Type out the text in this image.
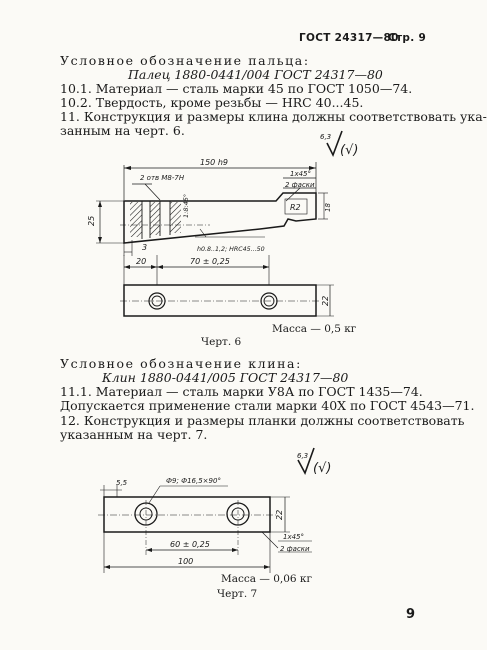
ГОСТ 24317—80
Стр. 9
Условное обозначение пальца:
Палец 1880-0441/004 ГОСТ 24317—80
10.1. Материал — сталь марки 45 по ГОСТ 1050—74.
10.2. Твердость, кроме резьбы — HRC 40...45.
11. Конструкция и размеры клина должны соответствовать ука-
занным на черт. 6.	6,3
(√)
150 h9
2 отв М8-7Н	1х45°
2 фаски
R2	18
25
1:8:45°
3	h0.8..1,2; HRC45...50
20	70 ± 0,25
22
Масса — 0,5 кг
Черт. 6
Условное обозначение клина:
Клин 1880-0441/005 ГОСТ 24317—80
11.1. Материал — сталь марки У8А по ГОСТ 1435—74.
Допускается применение стали марки 40Х по ГОСТ 4543—71.
12. Конструкция и размеры планки должны соответствовать
указанным на черт. 7.
6,3
(√)
5,5	Ф9; Ф16,5×90°
22
60 ± 0,25
1х45°
2 фаски
100
Масса — 0,06 кг
Черт. 7
9
